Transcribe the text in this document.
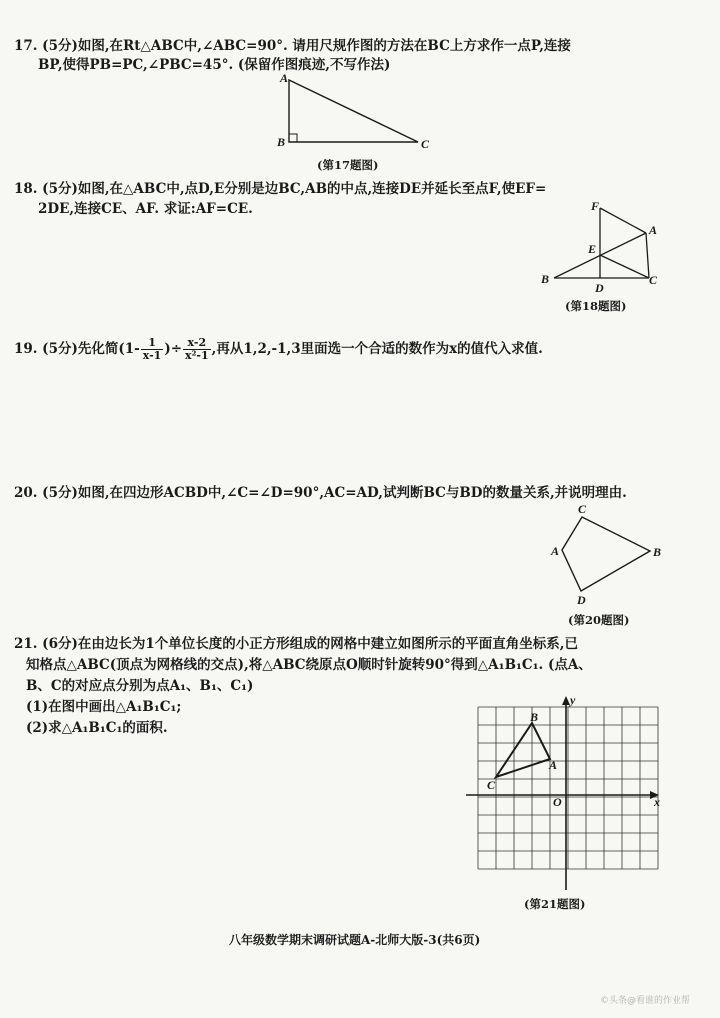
17. (5分)如图,在Rt△ABC中,∠ABC=90°. 请用尺规作图的方法在BC上方求作一点P,连接
BP,使得PB=PC,∠PBC=45°. (保留作图痕迹,不写作法)
A
B	C
(第17题图)
18. (5分)如图,在△ABC中,点D,E分别是边BC,AB的中点,连接DE并延长至点F,使EF=
2DE,连接CE、AF. 求证:AF=CE.	F
A
E
B
D
C
(第18题图)
19. (5分)先化简($1- \frac{1}{x-1}$ )÷ $\frac{x-2}{\text{x²-1}}$ ,再从1,2,-1,3里面选一个合适的数作为x的值代入求值.
20. (5分)如图,在四边形ACBD中,∠C=∠D=90°,AC=AD,试判断BC与BD的数量关系,并说明理由.
C
A	B
D
(第20题图)
21. (6分)在由边长为1个单位长度的小正方形组成的网格中建立如图所示的平面直角坐标系,已
知格点△ABC(顶点为网格线的交点),将△ABC绕原点O顺时针旋转90°得到△A₁B₁C₁. (点A、
B、C的对应点分别为点A₁、B₁、C₁)
(1)在图中画出△A₁B₁C₁;
(2)求△A₁B₁C₁的面积.
B
A
C
O	x
y
(第21题图)
八年级数学期末调研试题A-北师大版-3(共6页)
©头条@看谁的作业帮
